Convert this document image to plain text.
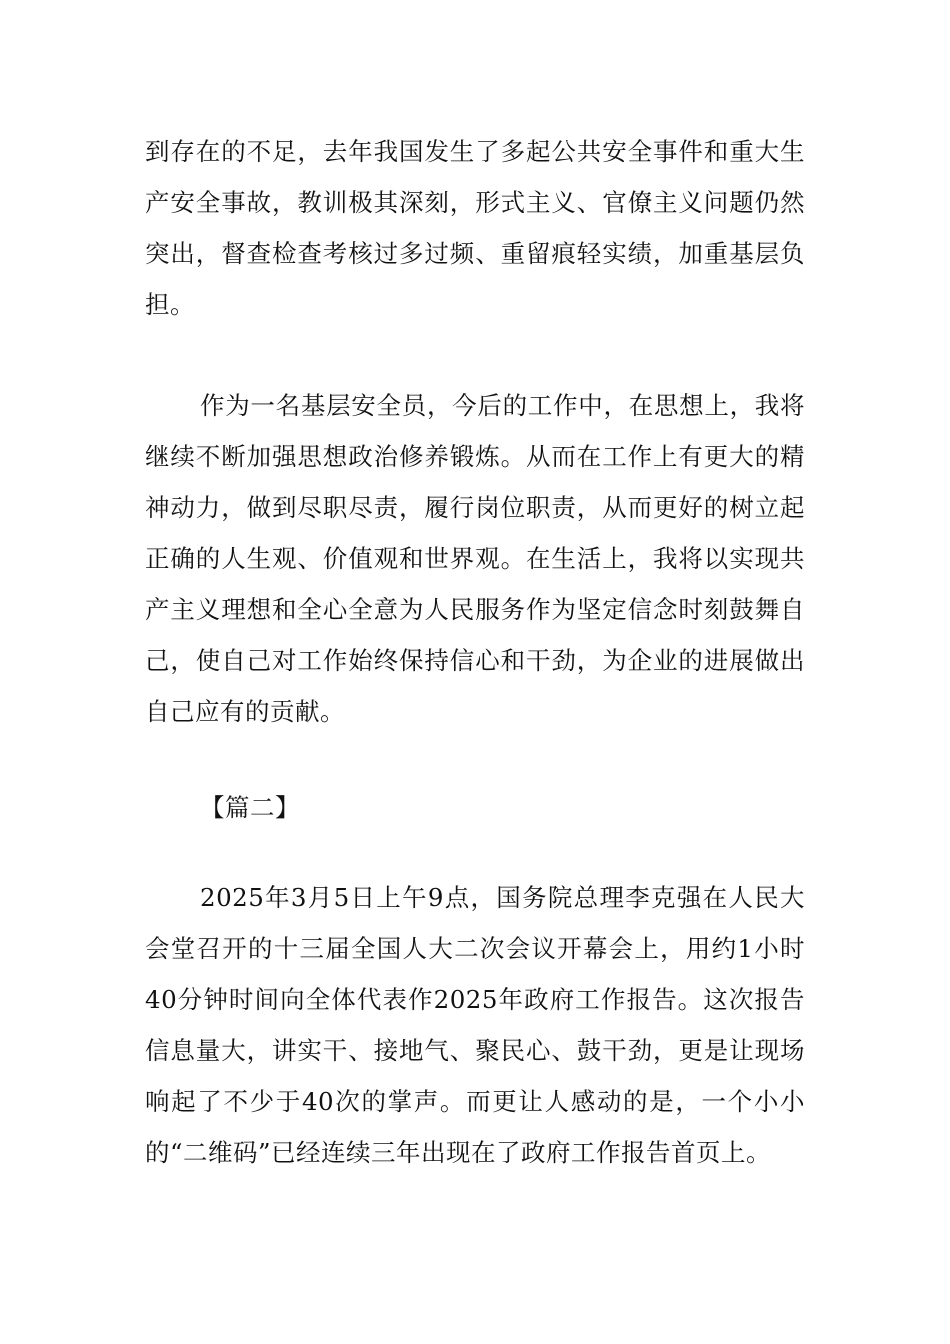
到存在的不足，去年我国发生了多起公共安全事件和重大生产安全事故，教训极其深刻，形式主义、官僚主义问题仍然突出，督查检查考核过多过频、重留痕轻实绩，加重基层负担。

作为一名基层安全员，今后的工作中，在思想上，我将继续不断加强思想政治修养锻炼。从而在工作上有更大的精神动力，做到尽职尽责，履行岗位职责，从而更好的树立起正确的人生观、价值观和世界观。在生活上，我将以实现共产主义理想和全心全意为人民服务作为坚定信念时刻鼓舞自己，使自己对工作始终保持信心和干劲，为企业的进展做出自己应有的贡献。

【篇二】

2025年3月5日上午9点，国务院总理李克强在人民大会堂召开的十三届全国人大二次会议开幕会上，用约1小时40分钟时间向全体代表作2025年政府工作报告。这次报告信息量大，讲实干、接地气、聚民心、鼓干劲，更是让现场响起了不少于40次的掌声。而更让人感动的是，一个小小的“二维码”已经连续三年出现在了政府工作报告首页上。
